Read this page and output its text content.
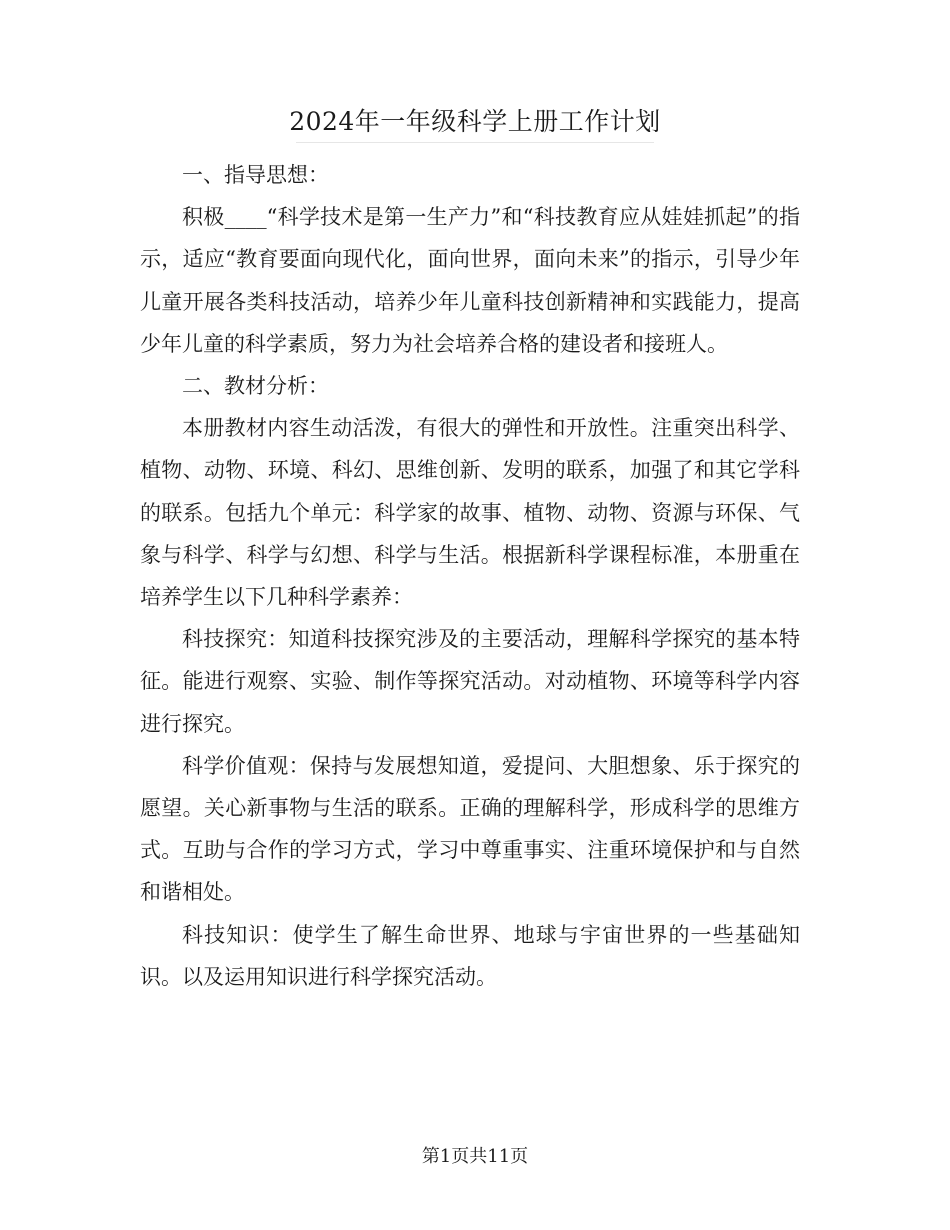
2024年一年级科学上册工作计划

一、指导思想：

积极____“科学技术是第一生产力”和“科技教育应从娃娃抓起”的指示，适应“教育要面向现代化，面向世界，面向未来”的指示，引导少年儿童开展各类科技活动，培养少年儿童科技创新精神和实践能力，提高少年儿童的科学素质，努力为社会培养合格的建设者和接班人。

二、教材分析：

本册教材内容生动活泼，有很大的弹性和开放性。注重突出科学、植物、动物、环境、科幻、思维创新、发明的联系，加强了和其它学科的联系。包括九个单元：科学家的故事、植物、动物、资源与环保、气象与科学、科学与幻想、科学与生活。根据新科学课程标准，本册重在培养学生以下几种科学素养：

科技探究：知道科技探究涉及的主要活动，理解科学探究的基本特征。能进行观察、实验、制作等探究活动。对动植物、环境等科学内容进行探究。

科学价值观：保持与发展想知道，爱提问、大胆想象、乐于探究的愿望。关心新事物与生活的联系。正确的理解科学，形成科学的思维方式。互助与合作的学习方式，学习中尊重事实、注重环境保护和与自然和谐相处。

科技知识：使学生了解生命世界、地球与宇宙世界的一些基础知识。以及运用知识进行科学探究活动。

第1页共11页
